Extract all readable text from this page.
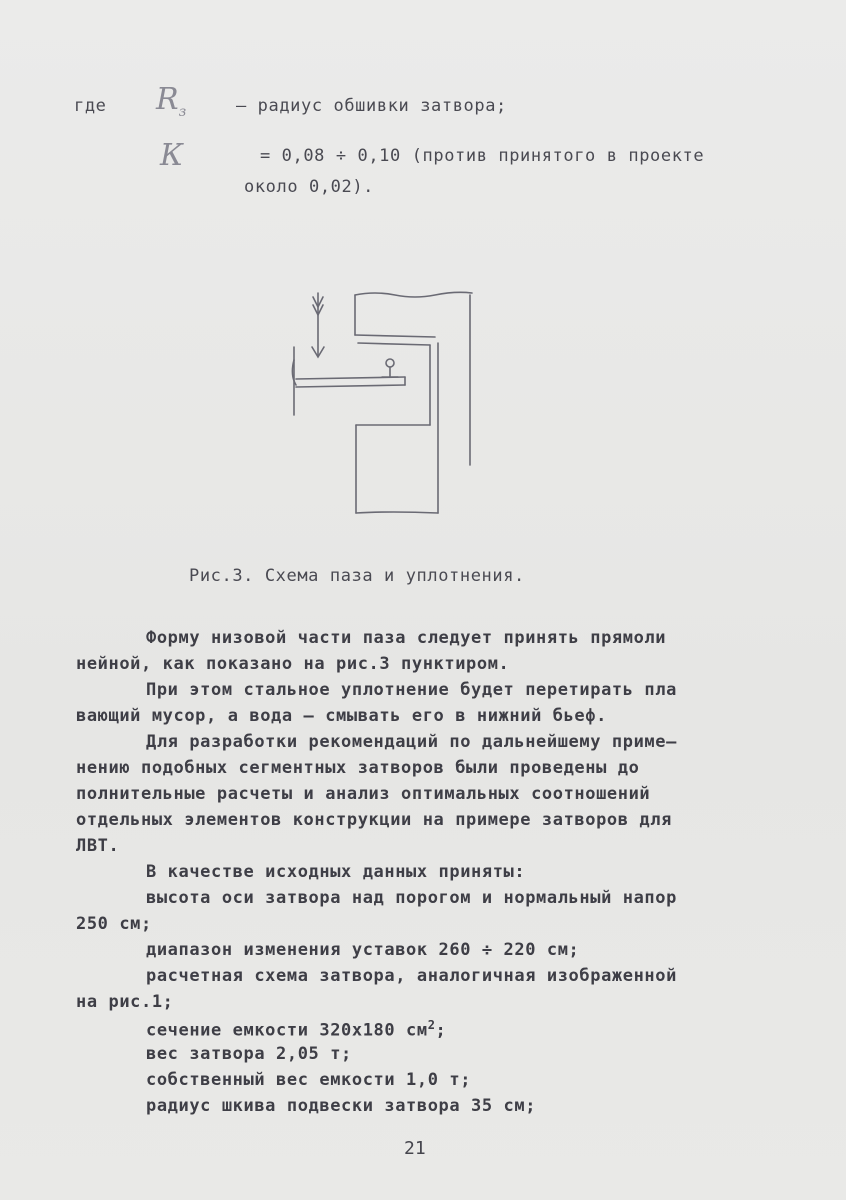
где $R_з$	– радиус обшивки затвора;
К	= 0,08 ÷ 0,10 (против принятого в проекте
около 0,02).
Рис.3. Схема паза и уплотнения.
Форму низовой части паза следует принять прямоли
нейной, как показано на рис.3 пунктиром.
При этом стальное уплотнение будет перетирать пла
вающий мусор, а вода – смывать его в нижний бьеф.
Для разработки рекомендаций по дальнейшему приме–
нению подобных сегментных затворов были проведены до
полнительные расчеты и анализ оптимальных соотношений
отдельных элементов конструкции на примере затворов для
ЛВТ.
В качестве исходных данных приняты:
высота оси затвора над порогом и нормальный напор
250 см;
диапазон изменения уставок 260 ÷ 220 см;
расчетная схема затвора, аналогичная изображенной
на рис.1;
сечение емкости 320х180 $см^2$;
вес затвора 2,05 т;
собственный вес емкости 1,0 т;
радиус шкива подвески затвора 35 см;
21
